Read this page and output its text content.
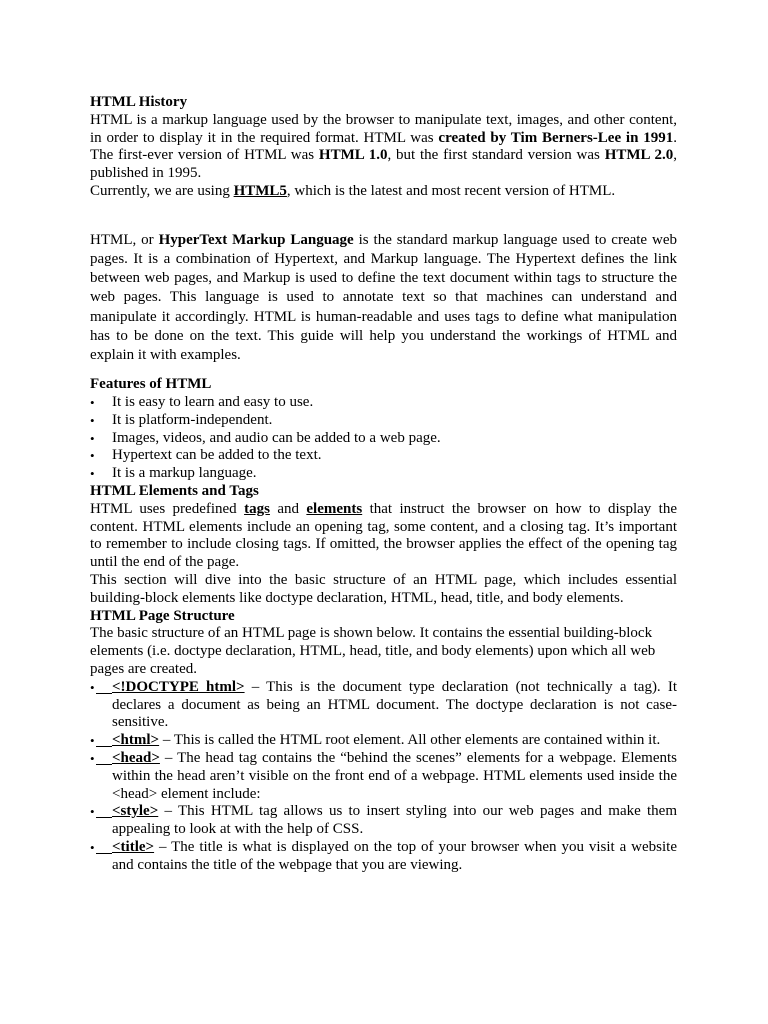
HTML History

HTML is a markup language used by the browser to manipulate text, images, and other content, in order to display it in the required format. HTML was created by Tim Berners-Lee in 1991. The first-ever version of HTML was HTML 1.0, but the first standard version was HTML 2.0, published in 1995.

Currently, we are using HTML5, which is the latest and most recent version of HTML.

HTML, or HyperText Markup Language is the standard markup language used to create web pages. It is a combination of Hypertext, and Markup language. The Hypertext defines the link between web pages, and Markup is used to define the text document within tags to structure the web pages. This language is used to annotate text so that machines can understand and manipulate it accordingly. HTML is human-readable and uses tags to define what manipulation has to be done on the text. This guide will help you understand the workings of HTML and explain it with examples.

Features of HTML

• It is easy to learn and easy to use.
• It is platform-independent.
• Images, videos, and audio can be added to a web page.
• Hypertext can be added to the text.
• It is a markup language.

HTML Elements and Tags

HTML uses predefined tags and elements that instruct the browser on how to display the content. HTML elements include an opening tag, some content, and a closing tag. It’s important to remember to include closing tags. If omitted, the browser applies the effect of the opening tag until the end of the page.

This section will dive into the basic structure of an HTML page, which includes essential building-block elements like doctype declaration, HTML, head, title, and body elements.

HTML Page Structure

The basic structure of an HTML page is shown below. It contains the essential building-block elements (i.e. doctype declaration, HTML, head, title, and body elements) upon which all web pages are created.

• <!DOCTYPE html> – This is the document type declaration (not technically a tag). It declares a document as being an HTML document. The doctype declaration is not case-sensitive.
• <html> – This is called the HTML root element. All other elements are contained within it.
• <head> – The head tag contains the “behind the scenes” elements for a webpage. Elements within the head aren’t visible on the front end of a webpage. HTML elements used inside the <head> element include:
• <style> – This HTML tag allows us to insert styling into our web pages and make them appealing to look at with the help of CSS.
• <title> – The title is what is displayed on the top of your browser when you visit a website and contains the title of the webpage that you are viewing.
